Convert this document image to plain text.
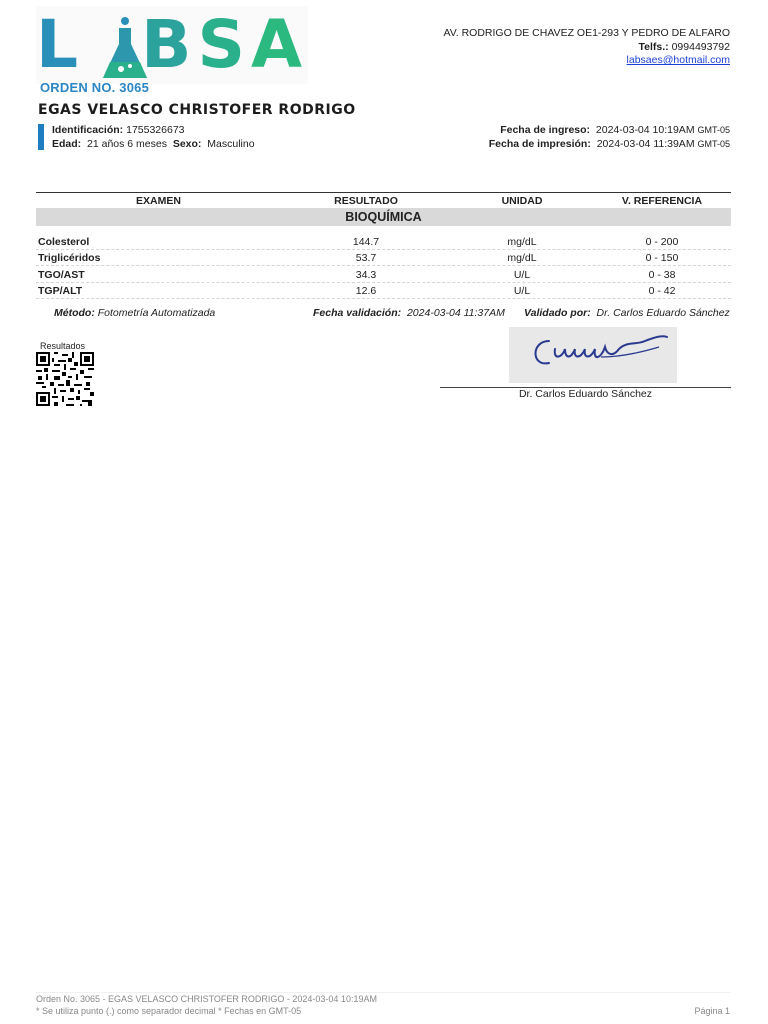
L BSA
ORDEN NO. 3065
AV. RODRIGO DE CHAVEZ OE1-293 Y PEDRO DE ALFARO
Telfs.: 0994493792
labsaes@hotmail.com
EGAS VELASCO CHRISTOFER RODRIGO
Identificación: 1755326673
Edad: 21 años 6 meses Sexo: Masculino
Fecha de ingreso: 2024-03-04 10:19AM GMT-05
Fecha de impresión: 2024-03-04 11:39AM GMT-05
EXAMEN	RESULTADO	UNIDAD	V. REFERENCIA
BIOQUÍMICA
Colesterol	144.7	mg/dL	0 - 200
Triglicéridos	53.7	mg/dL	0 - 150
TGO/AST	34.3	U/L	0 - 38
TGP/ALT	12.6	U/L	0 - 42
Método: Fotometría Automatizada	Fecha validación: 2024-03-04 11:37AM Validado por: Dr. Carlos Eduardo Sánchez
Resultados
Dr. Carlos Eduardo Sánchez
Orden No. 3065 - EGAS VELASCO CHRISTOFER RODRIGO - 2024-03-04 10:19AM
* Se utiliza punto (.) como separador decimal * Fechas en GMT-05	Página 1
